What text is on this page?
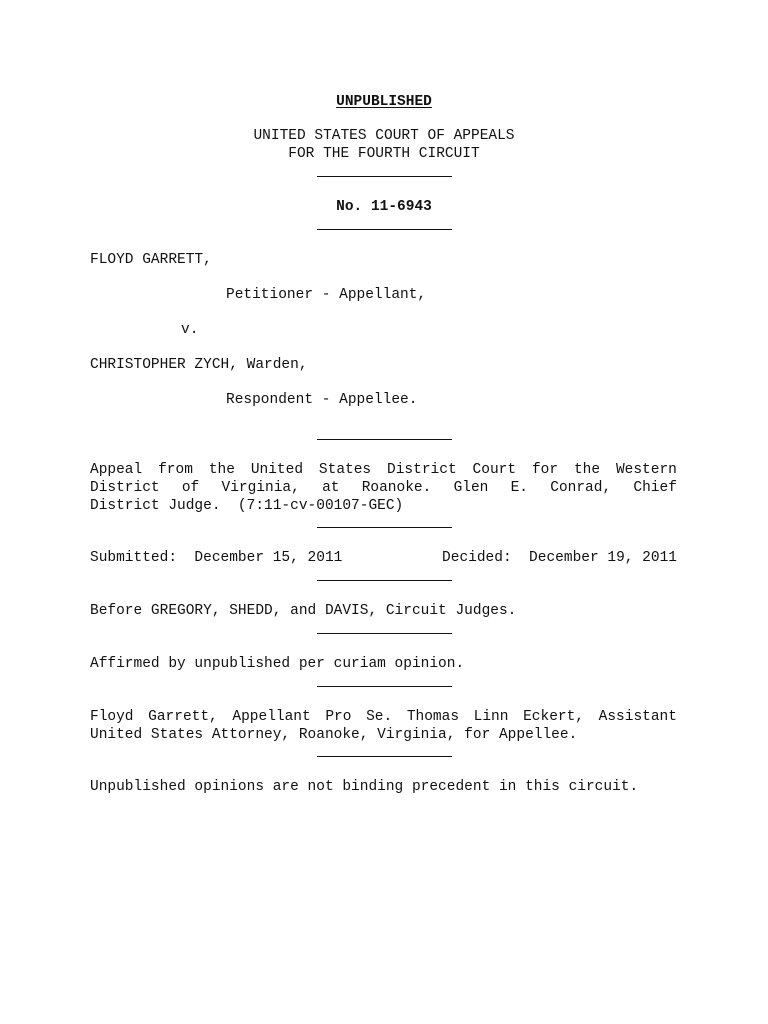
UNPUBLISHED
UNITED STATES COURT OF APPEALS
FOR THE FOURTH CIRCUIT
No. 11-6943
FLOYD GARRETT,
Petitioner - Appellant,
v.
CHRISTOPHER ZYCH, Warden,
Respondent - Appellee.
Appeal from the United States District Court for the Western
District of Virginia, at Roanoke. Glen E. Conrad, Chief
District Judge.  (7:11-cv-00107-GEC)
Submitted:  December 15, 2011	Decided:  December 19, 2011
Before GREGORY, SHEDD, and DAVIS, Circuit Judges.
Affirmed by unpublished per curiam opinion.
Floyd Garrett, Appellant Pro Se. Thomas Linn Eckert, Assistant
United States Attorney, Roanoke, Virginia, for Appellee.
Unpublished opinions are not binding precedent in this circuit.
